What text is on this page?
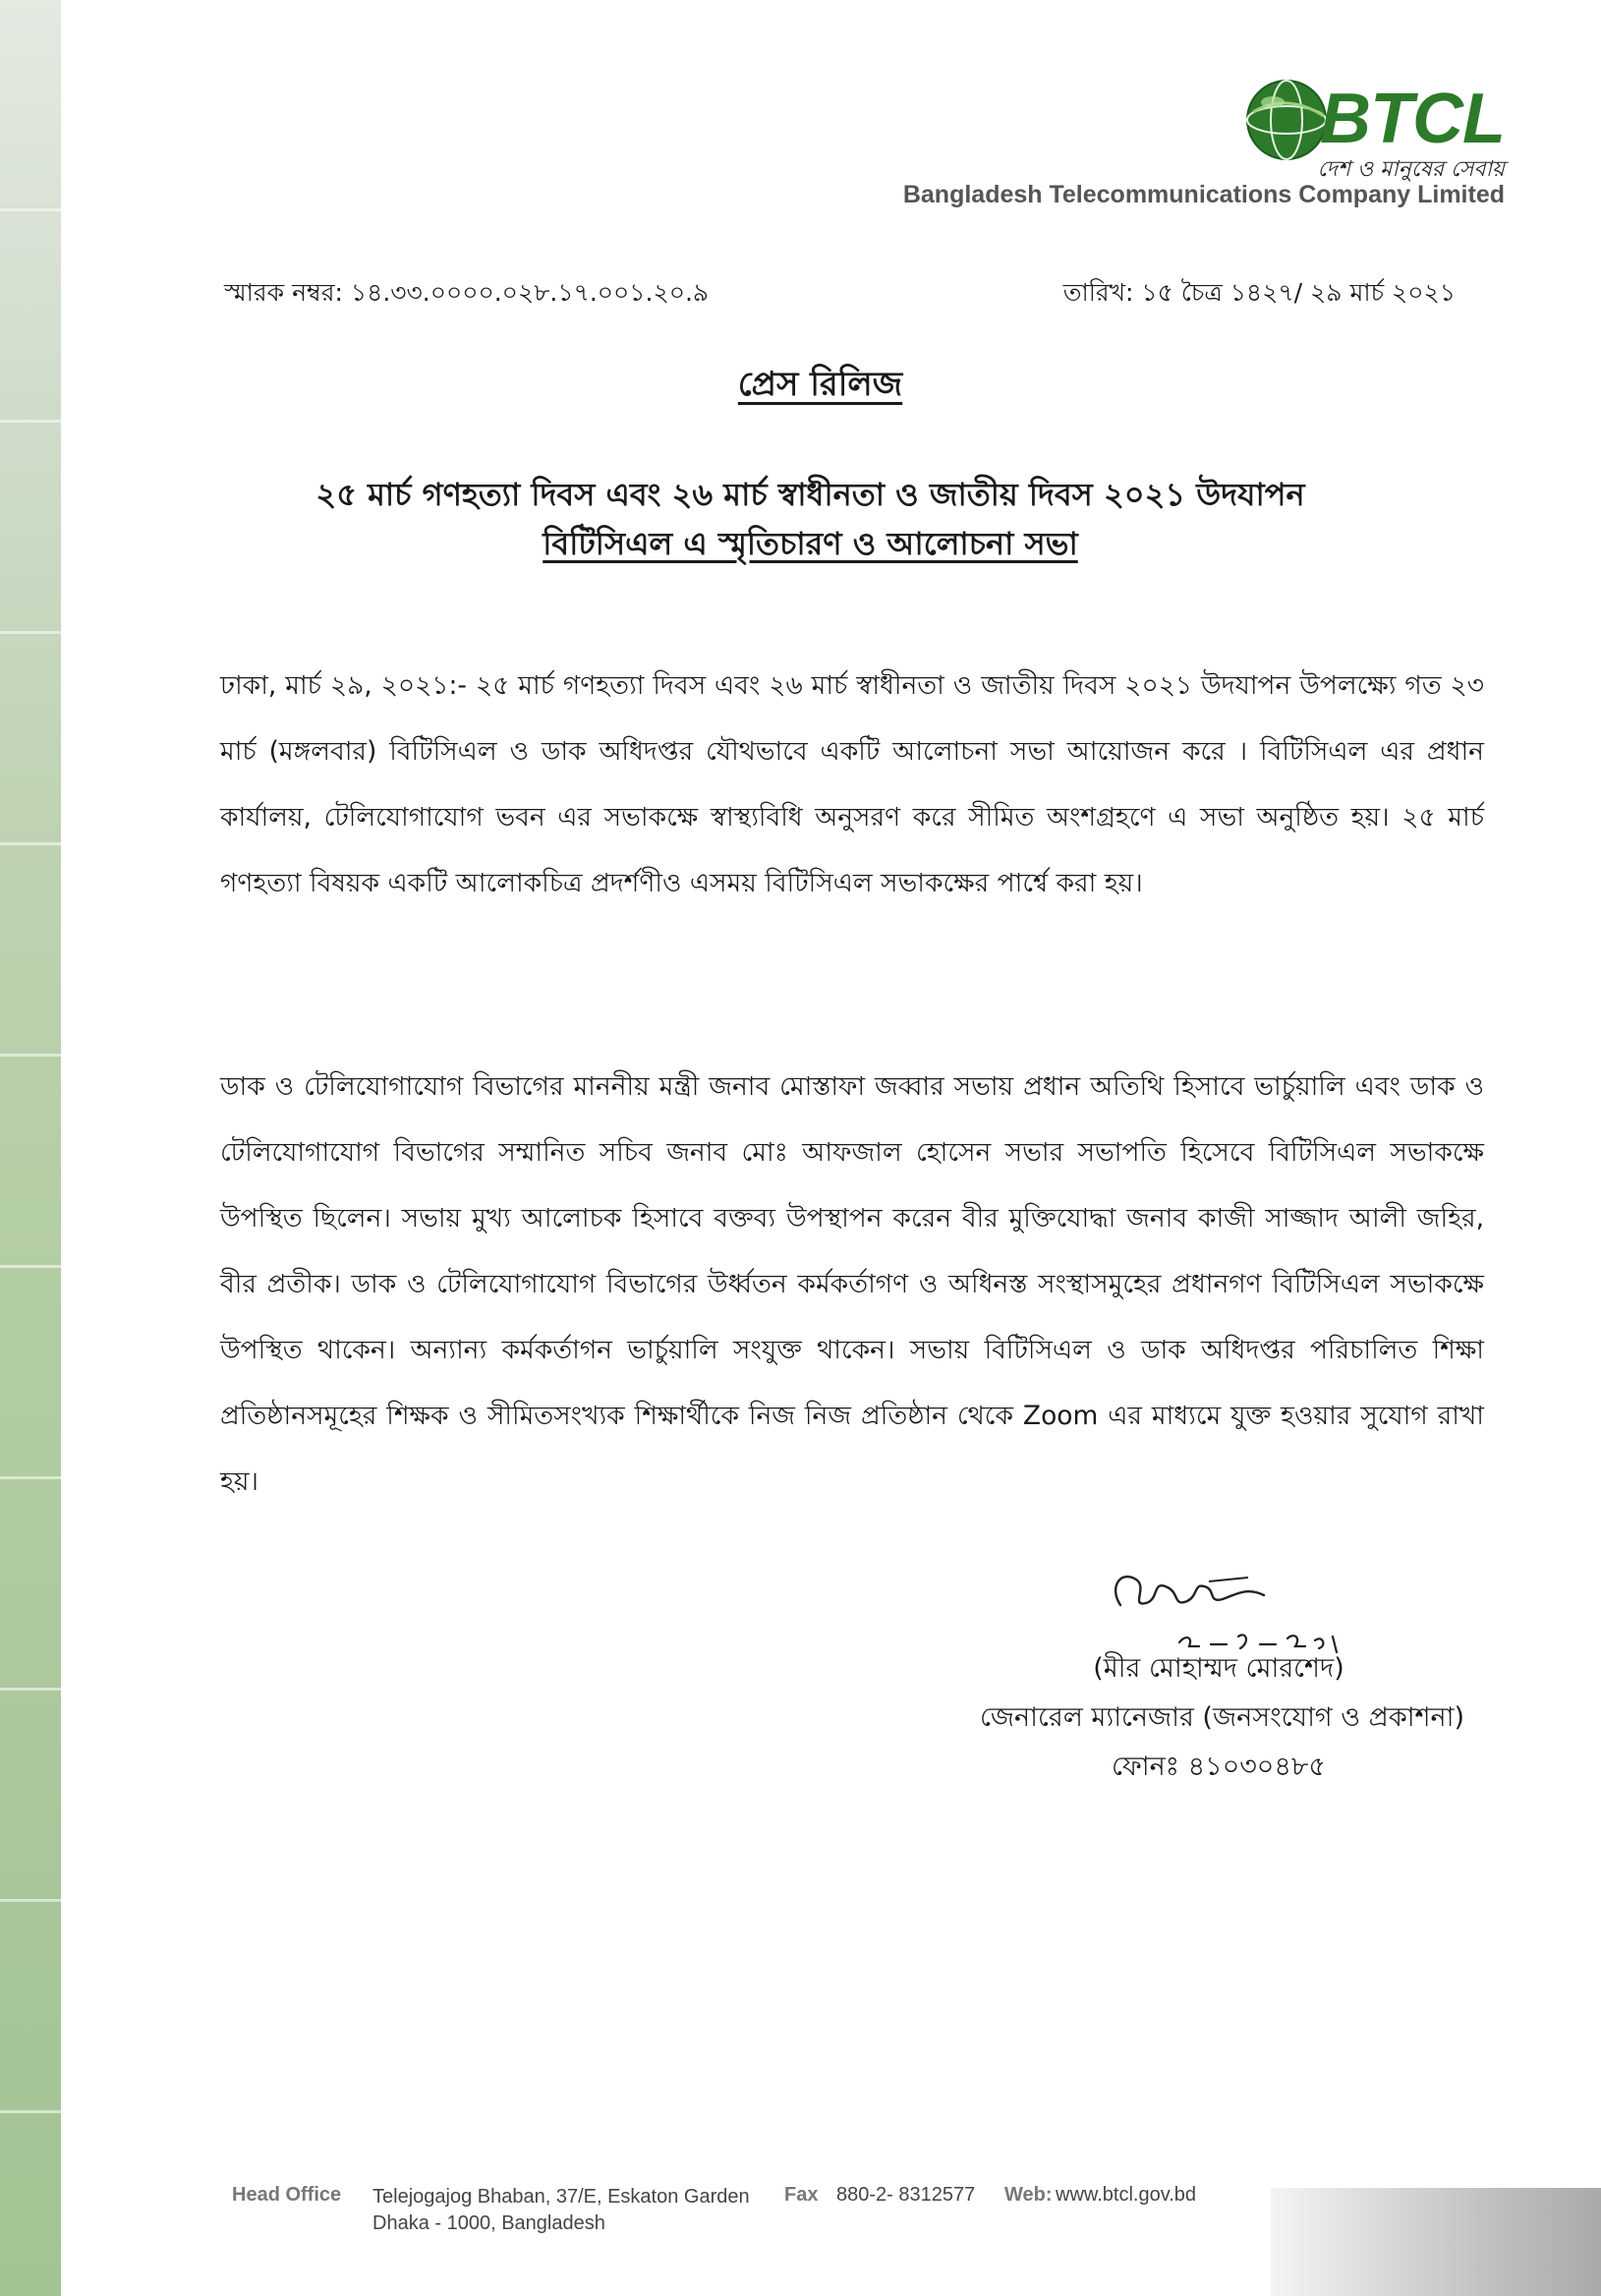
BTCL
দেশ ও মানুষের সেবায়
Bangladesh Telecommunications Company Limited
স্মারক নম্বর: ১৪.৩৩.০০০০.০২৮.১৭.০০১.২০.৯	তারিখ: ১৫ চৈত্র ১৪২৭/ ২৯ মার্চ ২০২১
প্রেস রিলিজ
২৫ মার্চ গণহত্যা দিবস এবং ২৬ মার্চ স্বাধীনতা ও জাতীয় দিবস ২০২১ উদযাপন
বিটিসিএল এ স্মৃতিচারণ ও আলোচনা সভা

ঢাকা, মার্চ ২৯, ২০২১:- ২৫ মার্চ গণহত্যা দিবস এবং ২৬ মার্চ স্বাধীনতা ও জাতীয় দিবস ২০২১ উদযাপন উপলক্ষ্যে গত ২৩ মার্চ (মঙ্গলবার) বিটিসিএল ও ডাক অধিদপ্তর যৌথভাবে একটি আলোচনা সভা আয়োজন করে । বিটিসিএল এর প্রধান কার্যালয়, টেলিযোগাযোগ ভবন এর সভাকক্ষে স্বাস্থ্যবিধি অনুসরণ করে সীমিত অংশগ্রহণে এ সভা অনুষ্ঠিত হয়। ২৫ মার্চ গণহত্যা বিষয়ক একটি আলোকচিত্র প্রদর্শণীও এসময় বিটিসিএল সভাকক্ষের পার্শ্বে করা হয়।

ডাক ও টেলিযোগাযোগ বিভাগের মাননীয় মন্ত্রী জনাব মোস্তাফা জব্বার সভায় প্রধান অতিথি হিসাবে ভার্চুয়ালি এবং ডাক ও টেলিযোগাযোগ বিভাগের সম্মানিত সচিব জনাব মোঃ আফজাল হোসেন সভার সভাপতি হিসেবে বিটিসিএল সভাকক্ষে উপস্থিত ছিলেন। সভায় মুখ্য আলোচক হিসাবে বক্তব্য উপস্থাপন করেন বীর মুক্তিযোদ্ধা জনাব কাজী সাজ্জাদ আলী জহির, বীর প্রতীক। ডাক ও টেলিযোগাযোগ বিভাগের উর্ধ্বতন কর্মকর্তাগণ ও অধিনস্ত সংস্থাসমুহের প্রধানগণ বিটিসিএল সভাকক্ষে উপস্থিত থাকেন। অন্যান্য কর্মকর্তাগন ভার্চুয়ালি সংযুক্ত থাকেন। সভায় বিটিসিএল ও ডাক অধিদপ্তর পরিচালিত শিক্ষা প্রতিষ্ঠানসমূহের শিক্ষক ও সীমিতসংখ্যক শিক্ষার্থীকে নিজ নিজ প্রতিষ্ঠান থেকে Zoom এর মাধ্যমে যুক্ত হওয়ার সুযোগ রাখা হয়।

(মীর মোহাম্মদ মোরশেদ)
জেনারেল ম্যানেজার (জনসংযোগ ও প্রকাশনা)
ফোনঃ ৪১০৩০৪৮৫
Head Office Telejogajog Bhaban, 37/E, Eskaton Garden
Dhaka - 1000, Bangladesh
Fax 880-2- 8312577 Web: www.btcl.gov.bd
